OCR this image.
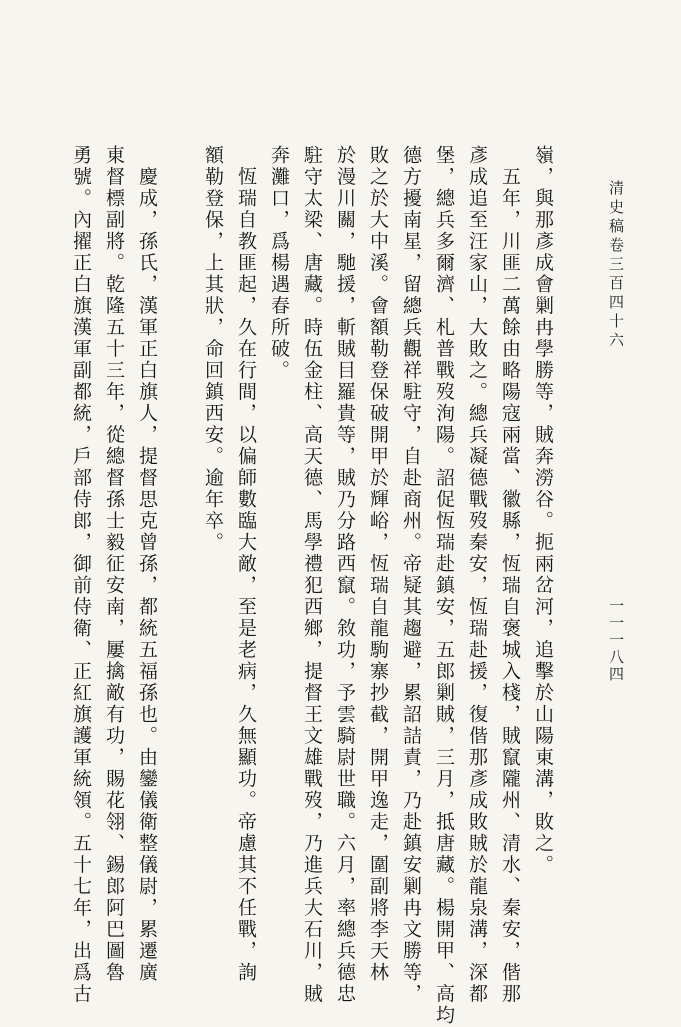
清史稿卷三百四十六
一一一八四
嶺，與那彥成會剿冉學勝等，賊奔澇谷。扼兩岔河，追擊於山陽東溝，敗之。
　五年，川匪二萬餘由略陽寇兩當、徽縣，恆瑞自褒城入棧，賊竄隴州、清水、秦安，偕那
彥成追至汪家山，大敗之。總兵凝德戰歿秦安，恆瑞赴援，復偕那彥成敗賊於龍泉溝，深都
堡，總兵多爾濟、札普戰歿洵陽。詔促恆瑞赴鎮安，五郎剿賊，三月，抵唐藏。楊開甲、高均
德方擾南星，留總兵觀祥駐守，自赴商州。帝疑其趨避，累詔詰責，乃赴鎮安剿冉文勝等，
敗之於大中溪。會額勒登保破開甲於輝峪，恆瑞自龍駒寨抄截，開甲逸走，圍副將李天林
於漫川關，馳援，斬賊目羅貴等，賊乃分路西竄。敘功，予雲騎尉世職。六月，率總兵德忠
駐守太梁、唐藏。時伍金柱、高天德、馬學禮犯西鄉，提督王文雄戰歿，乃進兵大石川，賊
奔灘口，爲楊遇春所破。
　恆瑞自教匪起，久在行間，以偏師數臨大敵，至是老病，久無顯功。帝慮其不任戰，詢
額勒登保，上其狀，命回鎮西安。逾年卒。
　慶成，孫氏，漢軍正白旗人，提督思克曾孫，都統五福孫也。由鑾儀衛整儀尉，累遷廣
東督標副將。乾隆五十三年，從總督孫士毅征安南，屢擒敵有功，賜花翎、錫郎阿巴圖魯
勇號。內擢正白旗漢軍副都統，戶部侍郎，御前侍衛、正紅旗護軍統領。五十七年，出爲古
